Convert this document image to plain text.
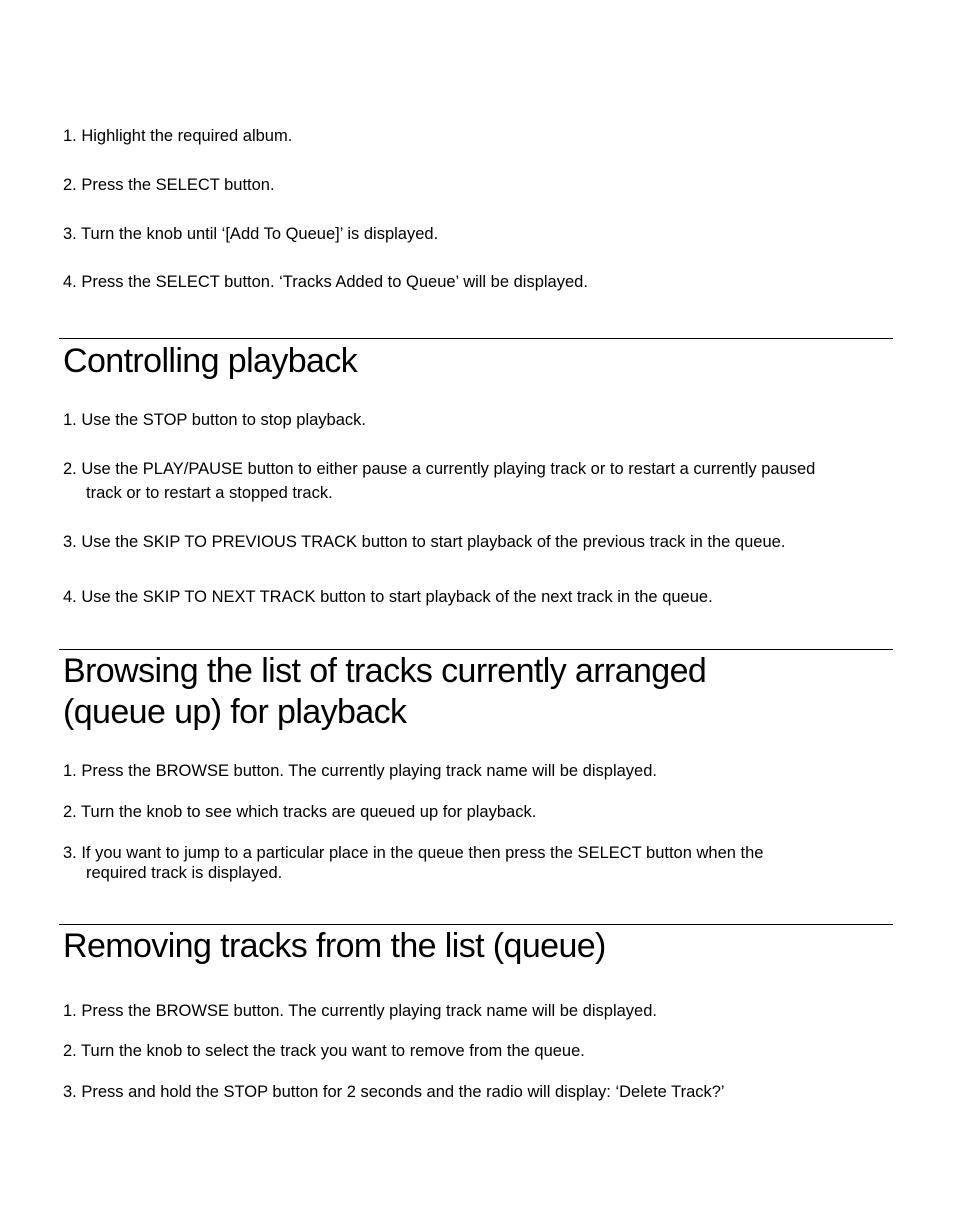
1. Highlight the required album.

2. Press the SELECT button.

3. Turn the knob until ‘[Add To Queue]’ is displayed.

4. Press the SELECT button. ‘Tracks Added to Queue’ will be displayed.

Controlling playback

1. Use the STOP button to stop playback.

2. Use the PLAY/PAUSE button to either pause a currently playing track or to restart a currently paused
track or to restart a stopped track.

3. Use the SKIP TO PREVIOUS TRACK button to start playback of the previous track in the queue.

4. Use the SKIP TO NEXT TRACK button to start playback of the next track in the queue.

Browsing the list of tracks currently arranged
(queue up) for playback

1. Press the BROWSE button. The currently playing track name will be displayed.

2. Turn the knob to see which tracks are queued up for playback.

3. If you want to jump to a particular place in the queue then press the SELECT button when the
required track is displayed.

Removing tracks from the list (queue)

1. Press the BROWSE button. The currently playing track name will be displayed.

2. Turn the knob to select the track you want to remove from the queue.

3. Press and hold the STOP button for 2 seconds and the radio will display: ‘Delete Track?’
